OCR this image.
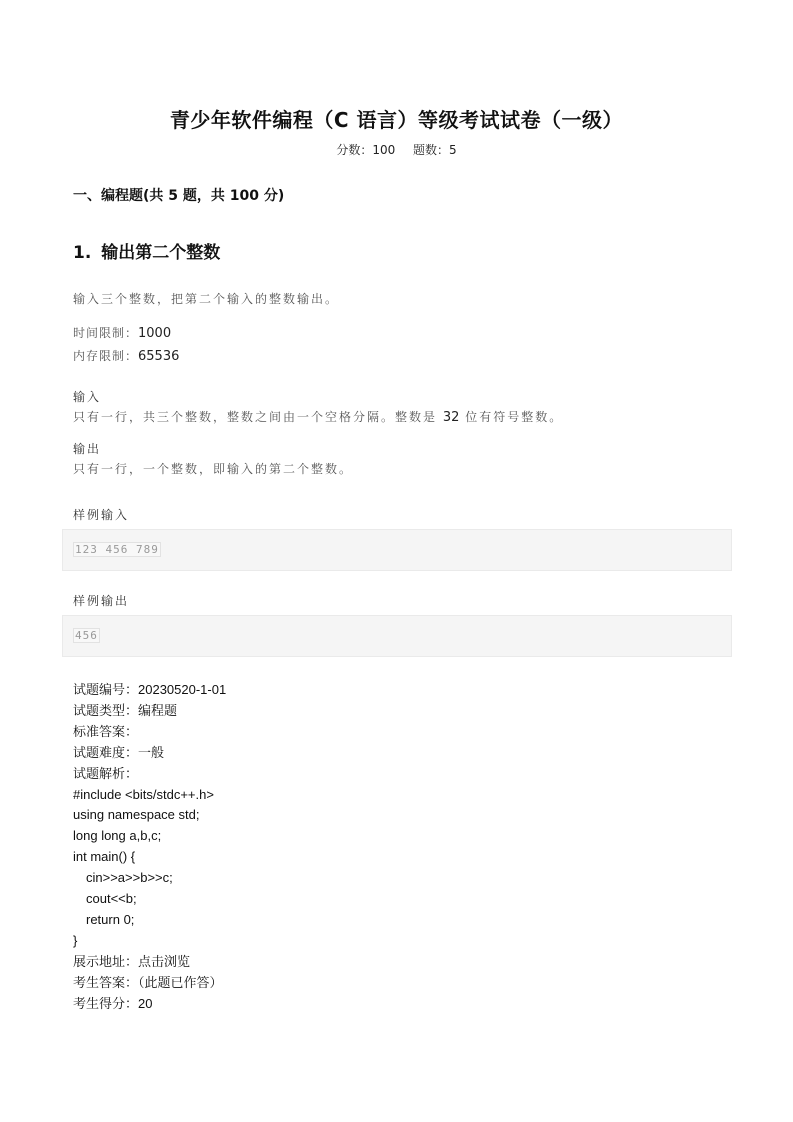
青少年软件编程（C 语言）等级考试试卷（一级）
分数：100 题数：5
一、编程题(共 5 题，共 100 分)
1. 输出第二个整数
输入三个整数，把第二个输入的整数输出。
时间限制：1000
内存限制：65536
输入
只有一行，共三个整数，整数之间由一个空格分隔。整数是 32 位有符号整数。
输出
只有一行，一个整数，即输入的第二个整数。
样例输入
123 456 789
样例输出
456
试题编号：20230520-1-01
试题类型：编程题
标准答案：
试题难度：一般
试题解析：
#include <bits/stdc++.h>
using namespace std;
long long a,b,c;
int main() {
cin>>a>>b>>c;
cout<<b;
return 0;
}
展示地址：点击浏览
考生答案：（此题已作答）
考生得分：20
